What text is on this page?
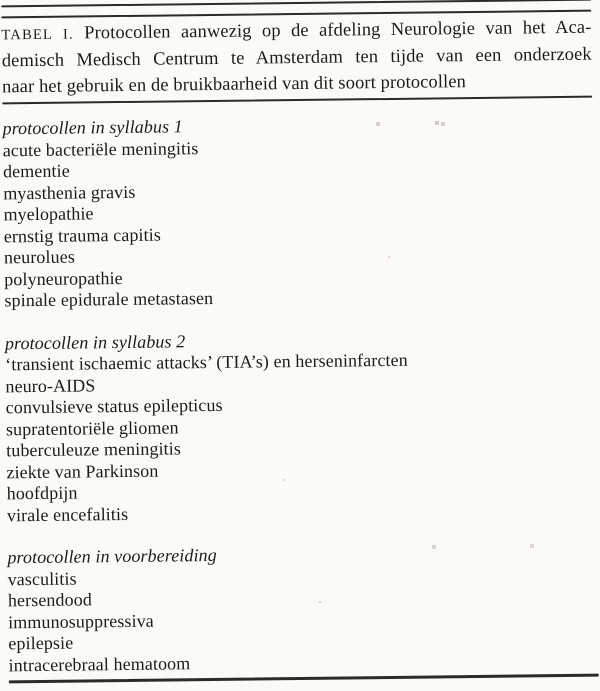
TABEL I. Protocollen aanwezig op de afdeling Neurologie van het Aca-
demisch Medisch Centrum te Amsterdam ten tijde van een onderzoek
naar het gebruik en de bruikbaarheid van dit soort protocollen
protocollen in syllabus 1
acute bacteriële meningitis
dementie
myasthenia gravis
myelopathie
ernstig trauma capitis
neurolues
polyneuropathie
spinale epidurale metastasen
protocollen in syllabus 2
‘transient ischaemic attacks’ (TIA’s) en herseninfarcten
neuro-AIDS
convulsieve status epilepticus
supratentoriële gliomen
tuberculeuze meningitis
ziekte van Parkinson
hoofdpijn
virale encefalitis
protocollen in voorbereiding
vasculitis
hersendood
immunosuppressiva
epilepsie
intracerebraal hematoom
